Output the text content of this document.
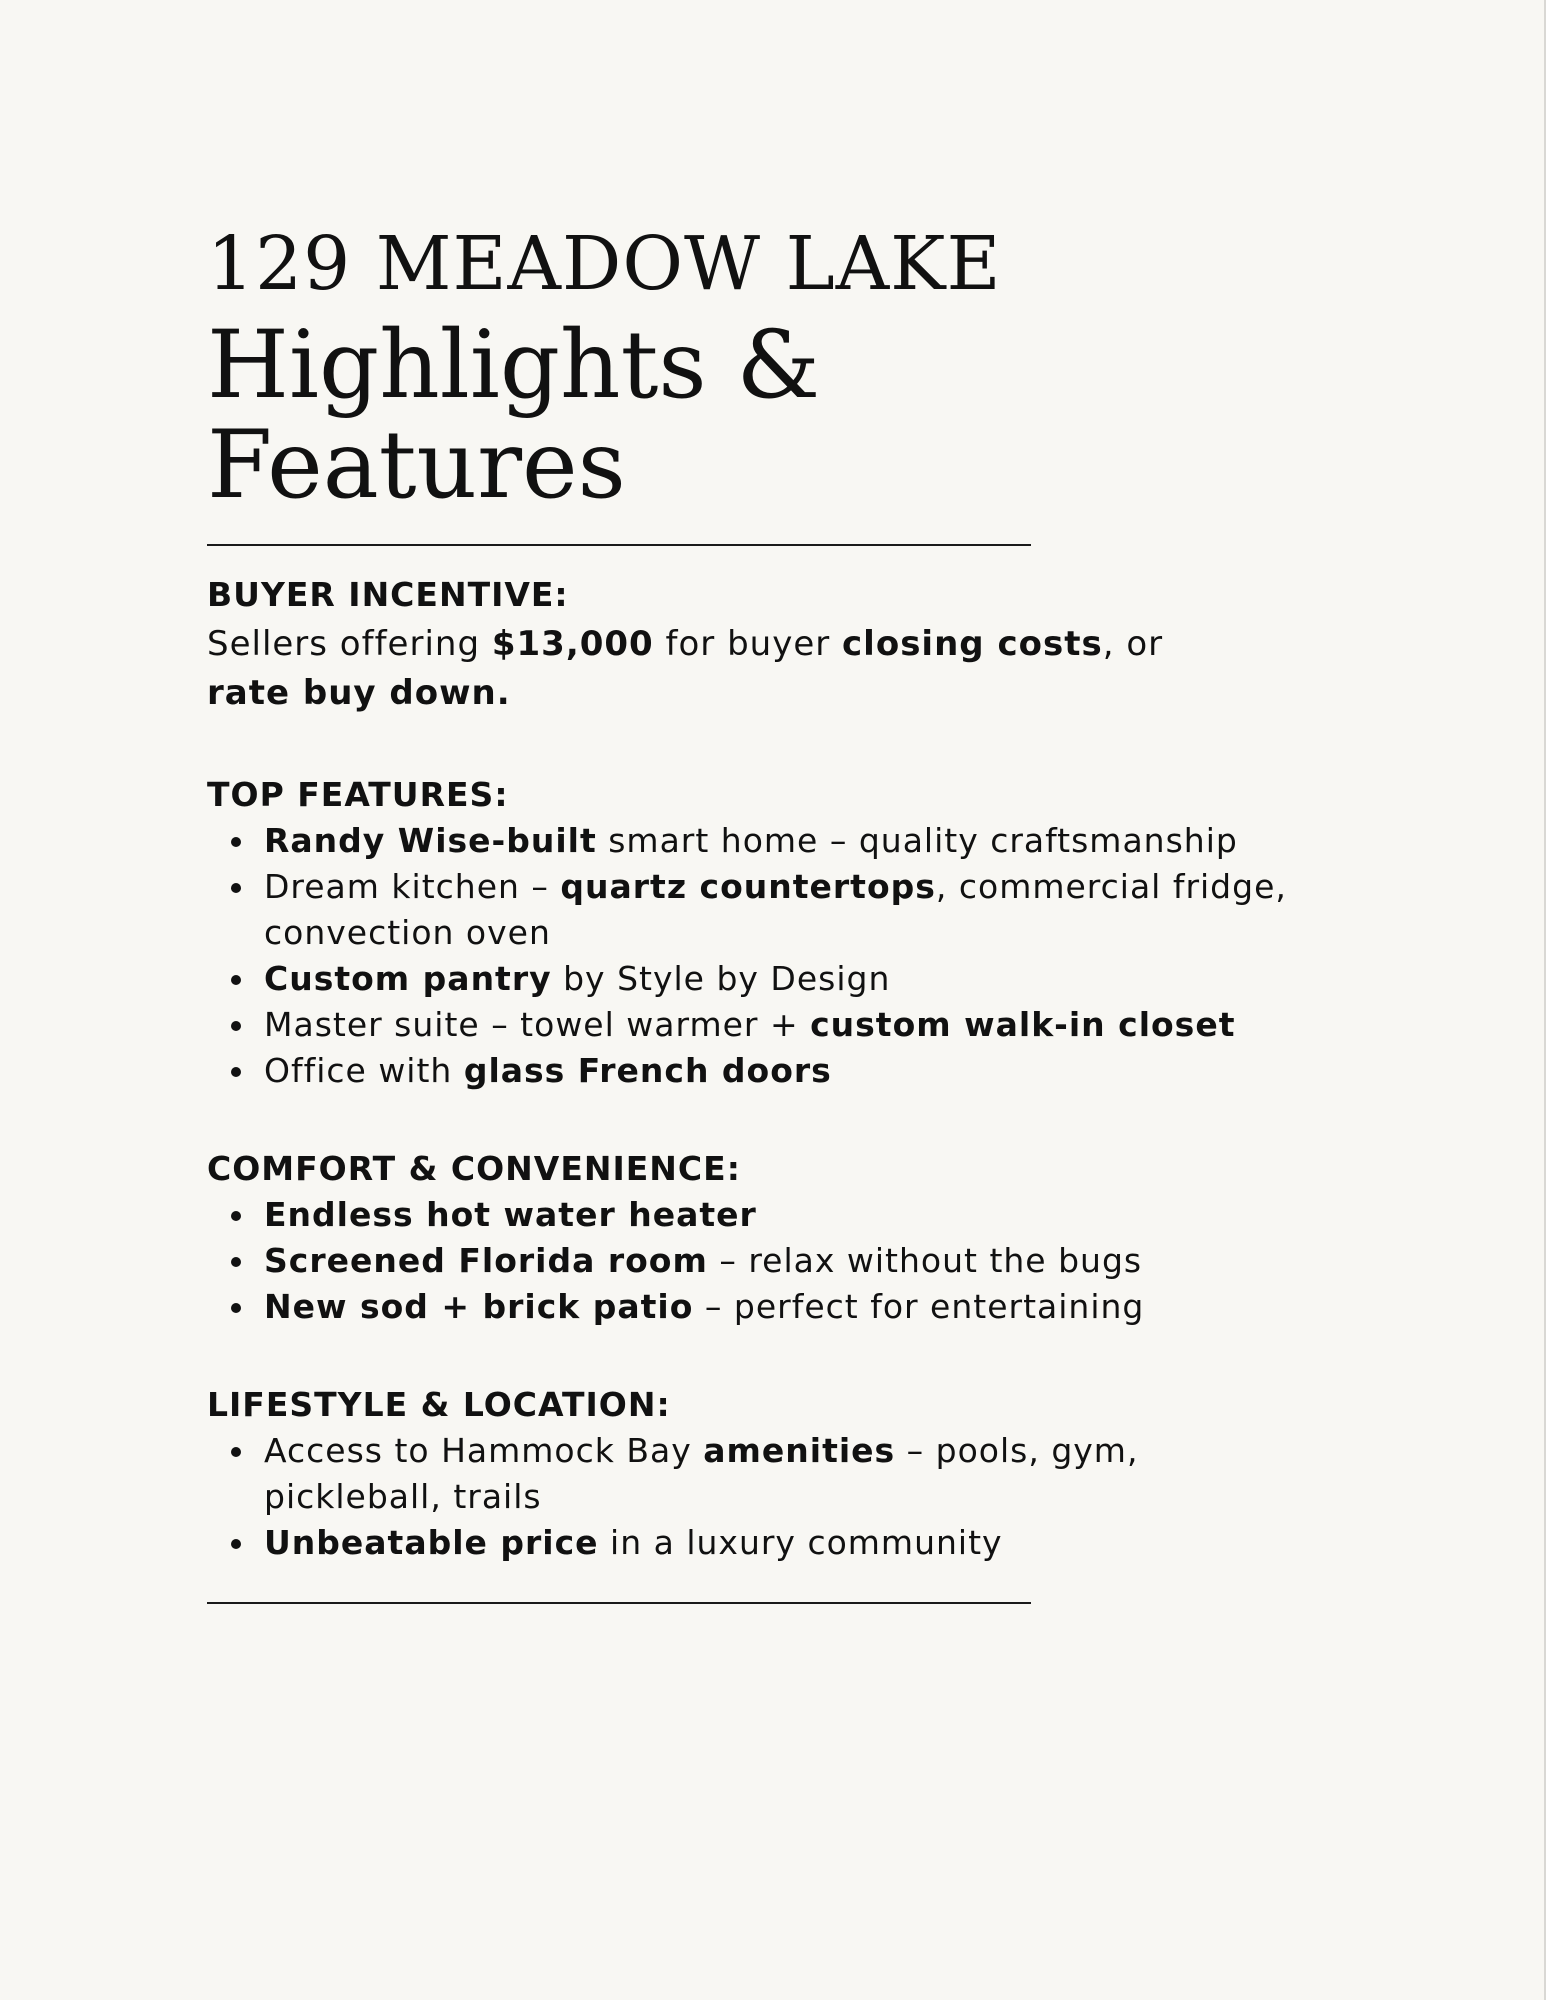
129 MEADOW LAKE
Highlights &
Features

BUYER INCENTIVE:

Sellers offering $13,000 for buyer closing costs, or
rate buy down.

TOP FEATURES:

Randy Wise-built smart home – quality craftsmanship
Dream kitchen – quartz countertops, commercial fridge, convection oven
Custom pantry by Style by Design
Master suite – towel warmer + custom walk-in closet
Office with glass French doors

COMFORT & CONVENIENCE:

Endless hot water heater
Screened Florida room – relax without the bugs
New sod + brick patio – perfect for entertaining

LIFESTYLE & LOCATION:

Access to Hammock Bay amenities – pools, gym, pickleball, trails
Unbeatable price in a luxury community
